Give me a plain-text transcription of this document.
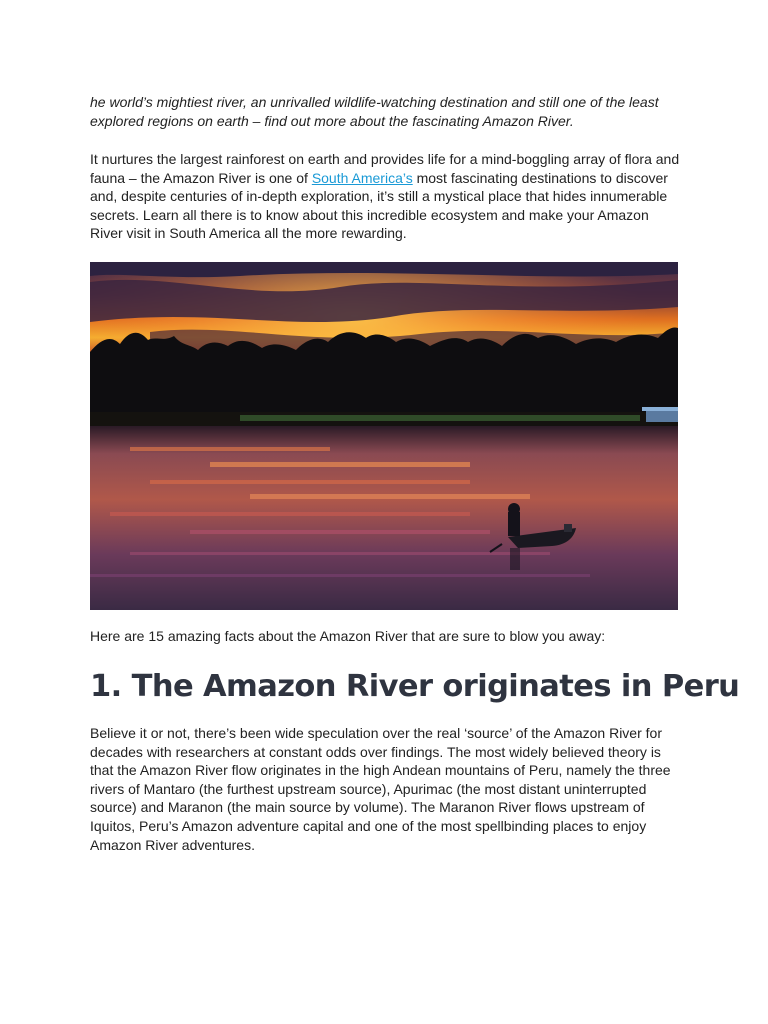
he world’s mightiest river, an unrivalled wildlife-watching destination and still one of the least explored regions on earth – find out more about the fascinating Amazon River.

It nurtures the largest rainforest on earth and provides life for a mind-boggling array of flora and fauna – the Amazon River is one of South America’s most fascinating destinations to discover and, despite centuries of in-depth exploration, it’s still a mystical place that hides innumerable secrets. Learn all there is to know about this incredible ecosystem and make your Amazon River visit in South America all the more rewarding.

Here are 15 amazing facts about the Amazon River that are sure to blow you away:

1. The Amazon River originates in Peru

Believe it or not, there’s been wide speculation over the real ‘source’ of the Amazon River for decades with researchers at constant odds over findings. The most widely believed theory is that the Amazon River flow originates in the high Andean mountains of Peru, namely the three rivers of Mantaro (the furthest upstream source), Apurimac (the most distant uninterrupted source) and Maranon (the main source by volume). The Maranon River flows upstream of Iquitos, Peru’s Amazon adventure capital and one of the most spellbinding places to enjoy Amazon River adventures.
